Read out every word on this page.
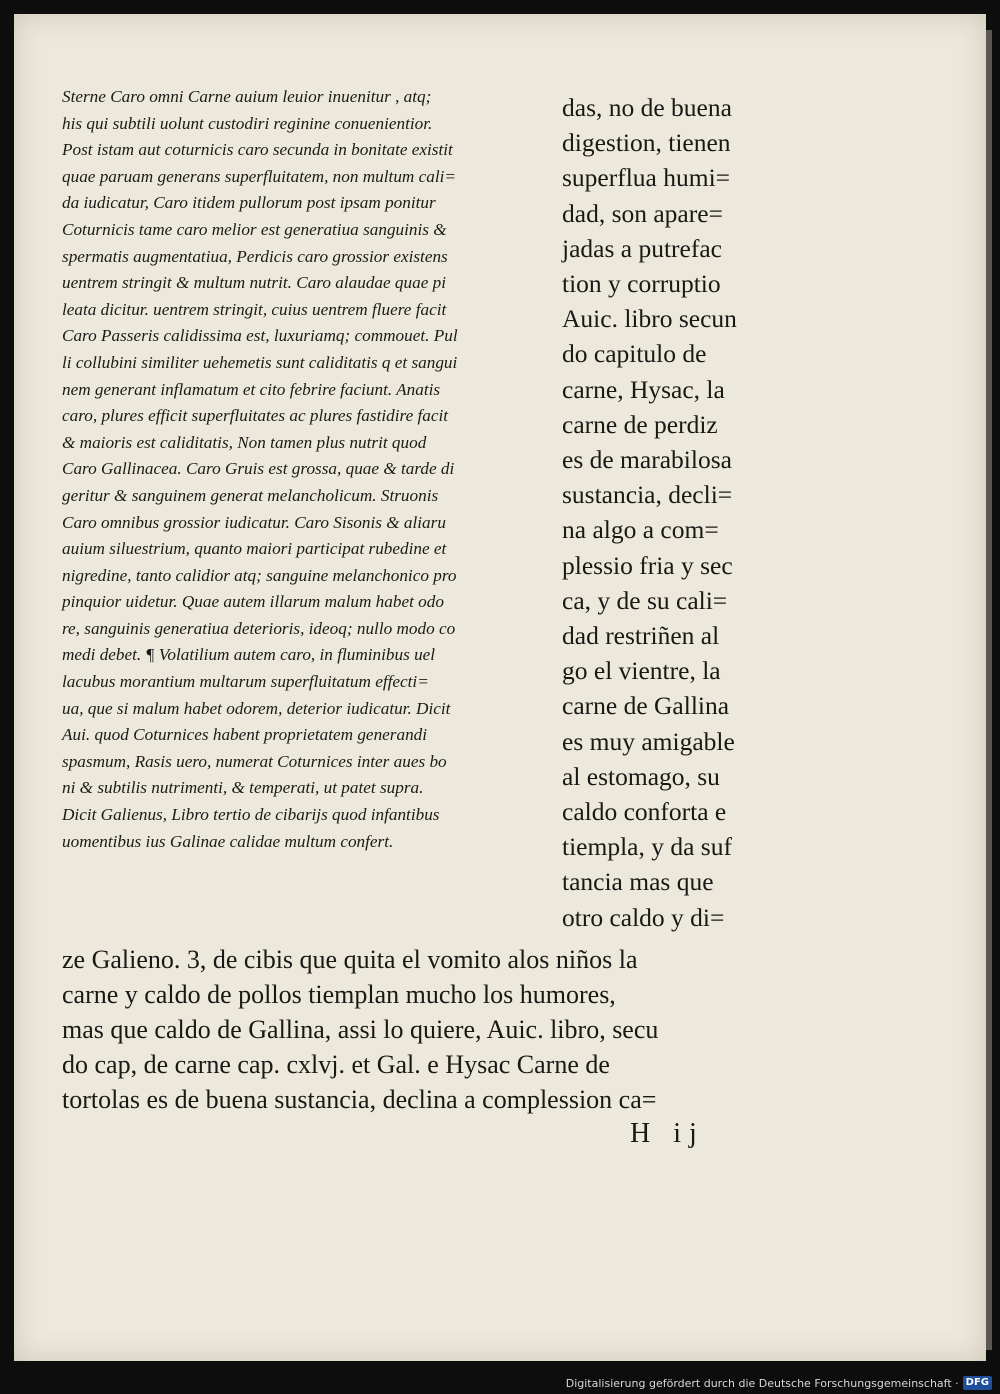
Sterne Caro omni Carne auium leuior inuenitur , atq;
his qui subtili uolunt custodiri reginine conuenientior.
Post istam aut coturnicis caro secunda in bonitate existit
quae paruam generans superfluitatem, non multum cali=
da iudicatur, Caro itidem pullorum post ipsam ponitur
Coturnicis tame caro melior est generatiua sanguinis &
spermatis augmentatiua, Perdicis caro grossior existens
uentrem stringit & multum nutrit. Caro alaudae quae pi
leata dicitur. uentrem stringit, cuius uentrem fluere facit
Caro Passeris calidissima est, luxuriamq; commouet. Pul
li collubini similiter uehemetis sunt caliditatis q et sangui
nem generant inflamatum et cito febrire faciunt. Anatis
caro, plures efficit superfluitates ac plures fastidire facit
& maioris est caliditatis, Non tamen plus nutrit quod
Caro Gallinacea. Caro Gruis est grossa, quae & tarde di
geritur & sanguinem generat melancholicum. Struonis
Caro omnibus grossior iudicatur. Caro Sisonis & aliaru
auium siluestrium, quanto maiori participat rubedine et
nigredine, tanto calidior atq; sanguine melanchonico pro
pinquior uidetur. Quae autem illarum malum habet odo
re, sanguinis generatiua deterioris, ideoq; nullo modo co
medi debet. ¶ Volatilium autem caro, in fluminibus uel
lacubus morantium multarum superfluitatum effecti=
ua, que si malum habet odorem, deterior iudicatur. Dicit
Aui. quod Coturnices habent proprietatem generandi
spasmum, Rasis uero, numerat Coturnices inter aues bo
ni & subtilis nutrimenti, & temperati, ut patet supra.
Dicit Galienus, Libro tertio de cibarijs quod infantibus
uomentibus ius Galinae calidae multum confert.
das, no de buena
digestion, tienen
superflua humi=
dad, son apare=
jadas a putrefac
tion y corruptio
Auic. libro secun
do capitulo de
carne, Hysac, la
carne de perdiz
es de marabilosa
sustancia, decli=
na algo a com=
plessio fria y sec
ca, y de su cali=
dad restriñen al
go el vientre, la
carne de Gallina
es muy amigable
al estomago, su
caldo conforta e
tiempla, y da suf
tancia mas que
otro caldo y di=
ze Galieno. 3, de cibis que quita el vomito alos niños la
carne y caldo de pollos tiemplan mucho los humores,
mas que caldo de Gallina, assi lo quiere, Auic. libro, secu
do cap, de carne cap. cxlvj. et Gal. e Hysac Carne de
tortolas es de buena sustancia, declina a complession ca=
H ij
Digitalisierung gefördert durch die Deutsche Forschungsgemeinschaft · DFG
